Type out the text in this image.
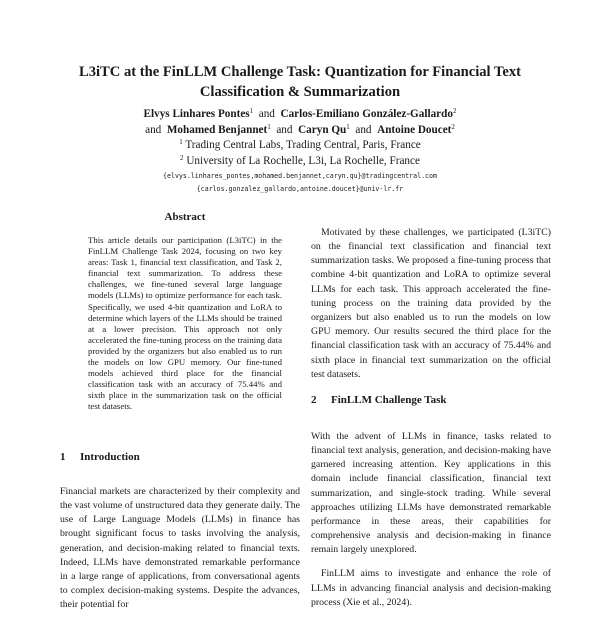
L3iTC at the FinLLM Challenge Task: Quantization for Financial Text
Classification & Summarization
Elvys Linhares Pontes$^1$ and Carlos-Emiliano González-Gallardo$^2$
and Mohamed Benjannet$^1$ and Caryn Qu$^1$ and Antoine Doucet$^2$
$^1$ Trading Central Labs, Trading Central, Paris, France
$^2$ University of La Rochelle, L3i, La Rochelle, France
{elvys.linhares_pontes,mohamed.benjannet,caryn.qu}@tradingcentral.com
{carlos.gonzalez_gallardo,antoine.doucet}@univ-lr.fr
Abstract

This article details our participation (L3iTC) in the FinLLM Challenge Task 2024, focusing on two key areas: Task 1, financial text classification, and Task 2, financial text summarization. To address these challenges, we fine-tuned several large language models (LLMs) to optimize performance for each task. Specifically, we used 4-bit quantization and LoRA to determine which layers of the LLMs should be trained at a lower precision. This approach not only accelerated the fine-tuning process on the training data provided by the organizers but also enabled us to run the models on low GPU memory. Our fine-tuned models achieved third place for the financial classification task with an accuracy of 75.44% and sixth place in the summarization task on the official test datasets.

1 Introduction

Financial markets are characterized by their complexity and the vast volume of unstructured data they generate daily. The use of Large Language Models (LLMs) in finance has brought significant focus to tasks involving the analysis, generation, and decision-making related to financial texts. Indeed, LLMs have demonstrated remarkable performance in a large range of applications, from conversational agents to complex decision-making systems. Despite the advances, their potential for

Motivated by these challenges, we participated (L3iTC) on the financial text classification and financial text summarization tasks. We proposed a fine-tuning process that combine 4-bit quantization and LoRA to optimize several LLMs for each task. This approach accelerated the fine-tuning process on the training data provided by the organizers but also enabled us to run the models on low GPU memory. Our results secured the third place for the financial classification task with an accuracy of 75.44% and sixth place in financial text summarization on the official test datasets.

2 FinLLM Challenge Task

With the advent of LLMs in finance, tasks related to financial text analysis, generation, and decision-making have garnered increasing attention. Key applications in this domain include financial classification, financial text summarization, and single-stock trading. While several approaches utilizing LLMs have demonstrated remarkable performance in these areas, their capabilities for comprehensive analysis and decision-making in finance remain largely unexplored.

FinLLM aims to investigate and enhance the role of LLMs in advancing financial analysis and decision-making process (Xie et al., 2024).
